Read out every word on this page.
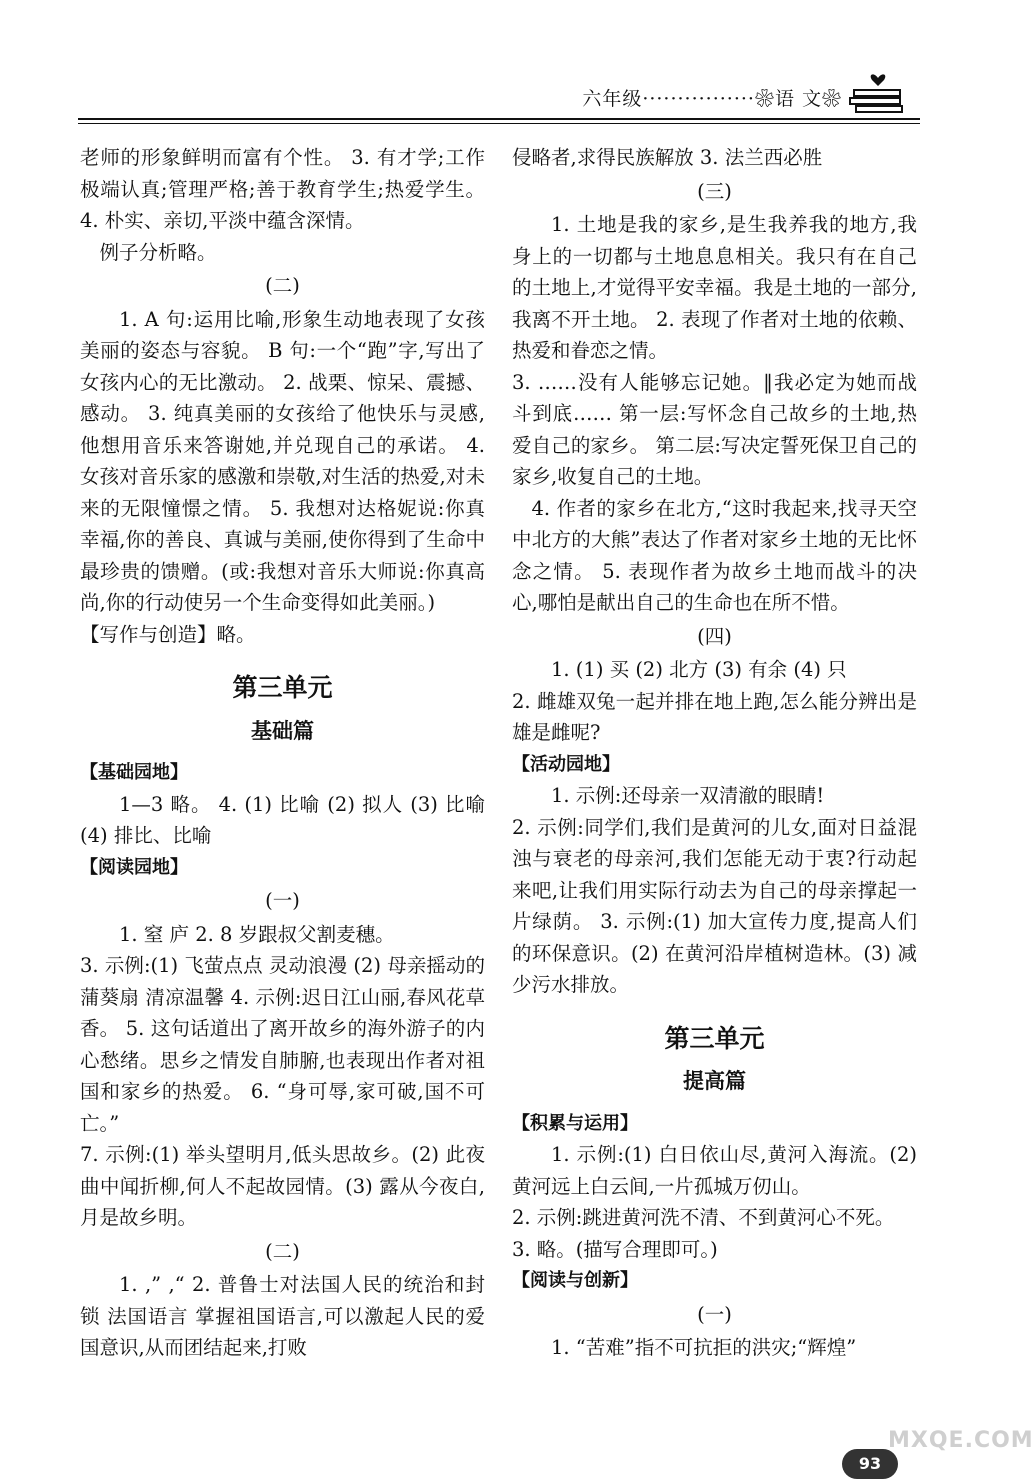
六年级················❀语 文❀

老师的形象鲜明而富有个性。 3. 有才学;工作极端认真;管理严格;善于教育学生;热爱学生。 4. 朴实、亲切,平淡中蕴含深情。

例子分析略。

(二)

1. A 句:运用比喻,形象生动地表现了女孩美丽的姿态与容貌。 B 句:一个“跑”字,写出了女孩内心的无比激动。 2. 战栗、惊呆、震撼、感动。 3. 纯真美丽的女孩给了他快乐与灵感,他想用音乐来答谢她,并兑现自己的承诺。 4. 女孩对音乐家的感激和崇敬,对生活的热爱,对未来的无限憧憬之情。 5. 我想对达格妮说:你真幸福,你的善良、真诚与美丽,使你得到了生命中最珍贵的馈赠。(或:我想对音乐大师说:你真高尚,你的行动使另一个生命变得如此美丽。)

【写作与创造】略。

第三单元
基础篇

【基础园地】

1—3 略。 4. (1) 比喻 (2) 拟人 (3) 比喻 (4) 排比、比喻

【阅读园地】

(一)

1. 窒 庐 2. 8 岁跟叔父割麦穗。

3. 示例:(1) 飞萤点点 灵动浪漫 (2) 母亲摇动的蒲葵扇 清凉温馨 4. 示例:迟日江山丽,春风花草香。 5. 这句话道出了离开故乡的海外游子的内心愁绪。思乡之情发自肺腑,也表现出作者对祖国和家乡的热爱。 6. “身可辱,家可破,国不可亡。”

7. 示例:(1) 举头望明月,低头思故乡。(2) 此夜曲中闻折柳,何人不起故园情。(3) 露从今夜白,月是故乡明。

(二)

1. ,” ,“ 2. 普鲁士对法国人民的统治和封锁 法国语言 掌握祖国语言,可以激起人民的爱国意识,从而团结起来,打败

侵略者,求得民族解放 3. 法兰西必胜

(三)

1. 土地是我的家乡,是生我养我的地方,我身上的一切都与土地息息相关。我只有在自己的土地上,才觉得平安幸福。我是土地的一部分,我离不开土地。 2. 表现了作者对土地的依赖、热爱和眷恋之情。

3. ……没有人能够忘记她。‖我必定为她而战斗到底…… 第一层:写怀念自己故乡的土地,热爱自己的家乡。 第二层:写决定誓死保卫自己的家乡,收复自己的土地。

4. 作者的家乡在北方,“这时我起来,找寻天空中北方的大熊”表达了作者对家乡土地的无比怀念之情。 5. 表现作者为故乡土地而战斗的决心,哪怕是献出自己的生命也在所不惜。

(四)

1. (1) 买 (2) 北方 (3) 有余 (4) 只

2. 雌雄双兔一起并排在地上跑,怎么能分辨出是雄是雌呢?

【活动园地】

1. 示例:还母亲一双清澈的眼睛!

2. 示例:同学们,我们是黄河的儿女,面对日益混浊与衰老的母亲河,我们怎能无动于衷?行动起来吧,让我们用实际行动去为自己的母亲撑起一片绿荫。 3. 示例:(1) 加大宣传力度,提高人们的环保意识。(2) 在黄河沿岸植树造林。(3) 减少污水排放。

第三单元
提高篇

【积累与运用】

1. 示例:(1) 白日依山尽,黄河入海流。(2) 黄河远上白云间,一片孤城万仞山。

2. 示例:跳进黄河洗不清、不到黄河心不死。

3. 略。(描写合理即可。)

【阅读与创新】

(一)

1. “苦难”指不可抗拒的洪灾;“辉煌”

93
MXQE.COM
